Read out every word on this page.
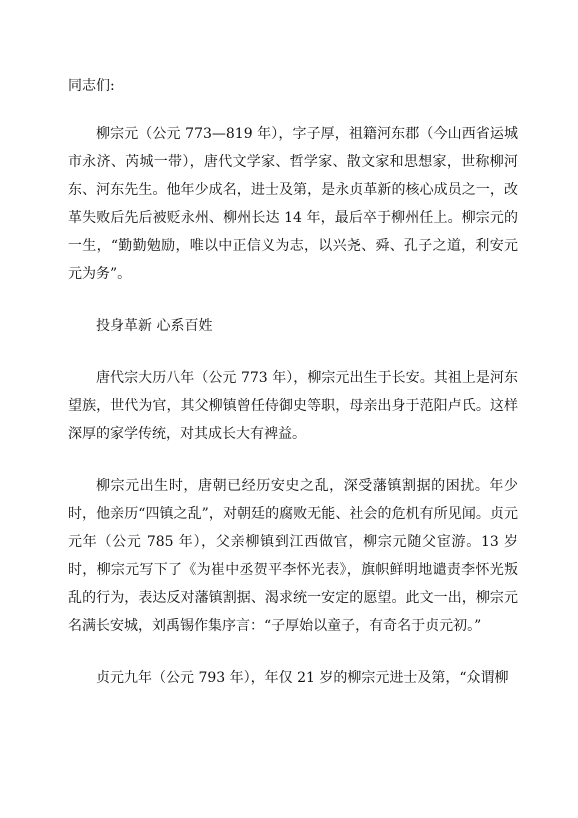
同志们:

柳宗元（公元 773—819 年），字子厚，祖籍河东郡（今山西省运城市永济、芮城一带），唐代文学家、哲学家、散文家和思想家，世称柳河东、河东先生。他年少成名，进士及第，是永贞革新的核心成员之一，改革失败后先后被贬永州、柳州长达 14 年，最后卒于柳州任上。柳宗元的一生，“勤勤勉励，唯以中正信义为志，以兴尧、舜、孔子之道，利安元元为务”。

投身革新 心系百姓

唐代宗大历八年（公元 773 年），柳宗元出生于长安。其祖上是河东望族，世代为官，其父柳镇曾任侍御史等职，母亲出身于范阳卢氏。这样深厚的家学传统，对其成长大有裨益。

柳宗元出生时，唐朝已经历安史之乱，深受藩镇割据的困扰。年少时，他亲历“四镇之乱”，对朝廷的腐败无能、社会的危机有所见闻。贞元元年（公元 785 年），父亲柳镇到江西做官，柳宗元随父宦游。13 岁时，柳宗元写下了《为崔中丞贺平李怀光表》，旗帜鲜明地谴责李怀光叛乱的行为，表达反对藩镇割据、渴求统一安定的愿望。此文一出，柳宗元名满长安城，刘禹锡作集序言：“子厚始以童子，有奇名于贞元初。”

贞元九年（公元 793 年），年仅 21 岁的柳宗元进士及第，“众谓柳
